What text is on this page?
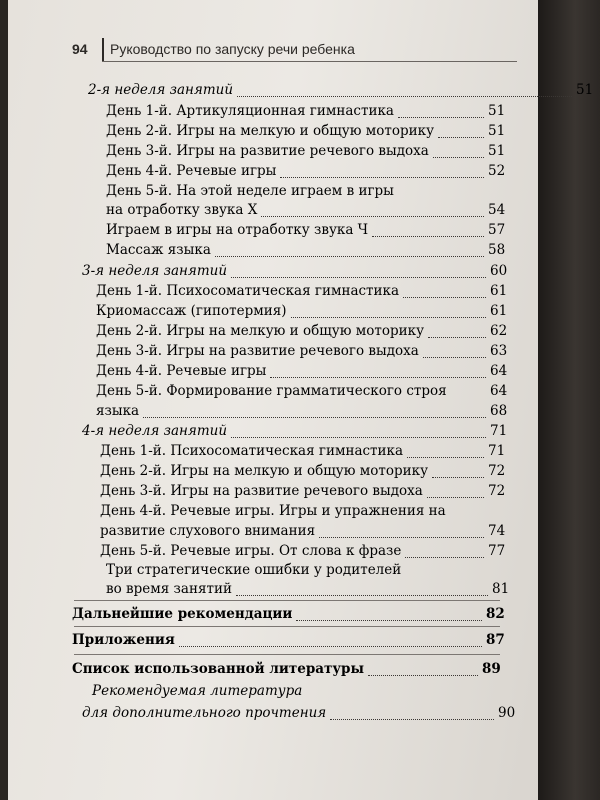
94 Руководство по запуску речи ребенка
2-я неделя занятий	51
День 1-й. Артикуляционная гимнастика	51
День 2-й. Игры на мелкую и общую моторику	51
День 3-й. Игры на развитие речевого выдоха	51
День 4-й. Речевые игры	52
День 5-й. На этой неделе играем в игры
на отработку звука Х	54
Играем в игры на отработку звука Ч	57
Массаж языка	58
3-я неделя занятий	60
День 1-й. Психосоматическая гимнастика	61
Криомассаж (гипотермия)	61
День 2-й. Игры на мелкую и общую моторику	62
День 3-й. Игры на развитие речевого выдоха	63
День 4-й. Речевые игры	64
День 5-й. Формирование грамматического строя	64
языка	68
4-я неделя занятий	71
День 1-й. Психосоматическая гимнастика	71
День 2-й. Игры на мелкую и общую моторику	72
День 3-й. Игры на развитие речевого выдоха	72
День 4-й. Речевые игры. Игры и упражнения на
развитие слухового внимания	74
День 5-й. Речевые игры. От слова к фразе	77
Три стратегические ошибки у родителей
во время занятий	81
Дальнейшие рекомендации	82
Приложения	87
Список использованной литературы	89
Рекомендуемая литература
для дополнительного прочтения	90
